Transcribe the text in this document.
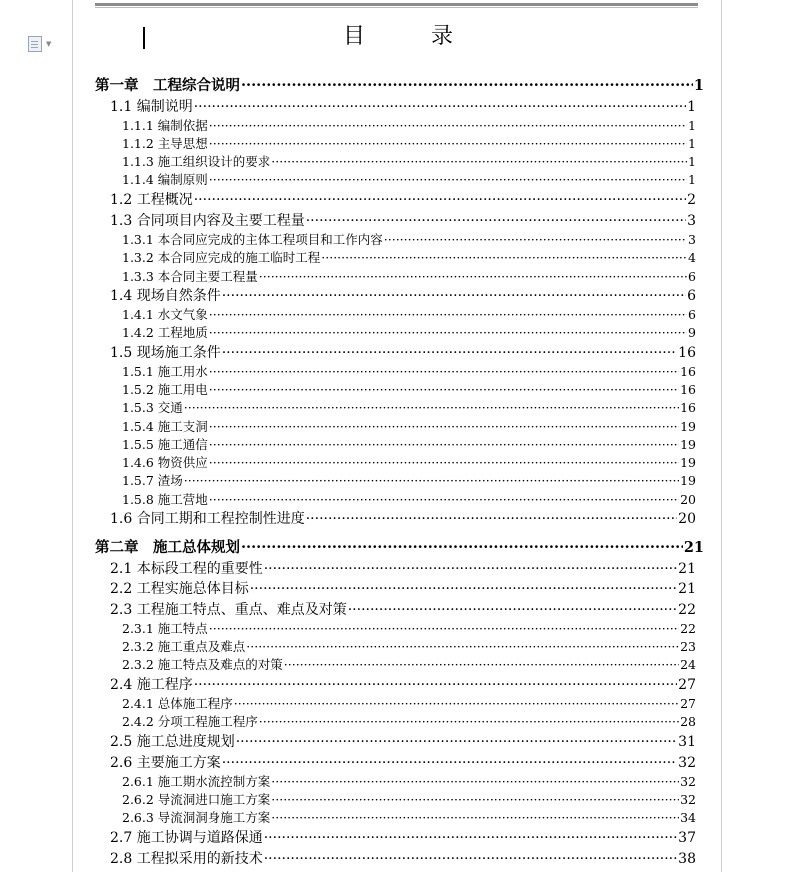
▼	目　录
第一章　工程综合说明 ·····	1
1.1 编制说明 ·····	1
1.1.1 编制依据 ·····	1
1.1.2 主导思想 ·····	1
1.1.3 施工组织设计的要求 ·····	1
1.1.4 编制原则 ·····	1
1.2 工程概况 ·····	2
1.3 合同项目内容及主要工程量 ·····	3
1.3.1 本合同应完成的主体工程项目和工作内容 ·····	3
1.3.2 本合同应完成的施工临时工程 ·····	4
1.3.3 本合同主要工程量 ·····	6
1.4 现场自然条件 ·····	6
1.4.1 水文气象 ·····	6
1.4.2 工程地质 ·····	9
1.5 现场施工条件 ·····	16
1.5.1 施工用水 ·····	16
1.5.2 施工用电 ·····	16
1.5.3 交通 ·····	16
1.5.4 施工支洞 ·····	19
1.5.5 施工通信 ·····	19
1.4.6 物资供应 ·····	19
1.5.7 渣场 ·····	19
1.5.8 施工营地 ·····	20
1.6 合同工期和工程控制性进度 ·····	20
第二章　施工总体规划 ·····	21
2.1 本标段工程的重要性 ·····	21
2.2 工程实施总体目标 ·····	21
2.3 工程施工特点、重点、难点及对策 ·····	22
2.3.1 施工特点 ·····	22
2.3.2 施工重点及难点 ·····	23
2.3.2 施工特点及难点的对策 ·····	24
2.4 施工程序 ·····	27
2.4.1 总体施工程序 ·····	27
2.4.2 分项工程施工程序 ·····	28
2.5 施工总进度规划 ·····	31
2.6 主要施工方案 ·····	32
2.6.1 施工期水流控制方案 ·····	32
2.6.2 导流洞进口施工方案 ·····	32
2.6.3 导流洞洞身施工方案 ·····	34
2.7 施工协调与道路保通 ·····	37
2.8 工程拟采用的新技术 ·····	38
